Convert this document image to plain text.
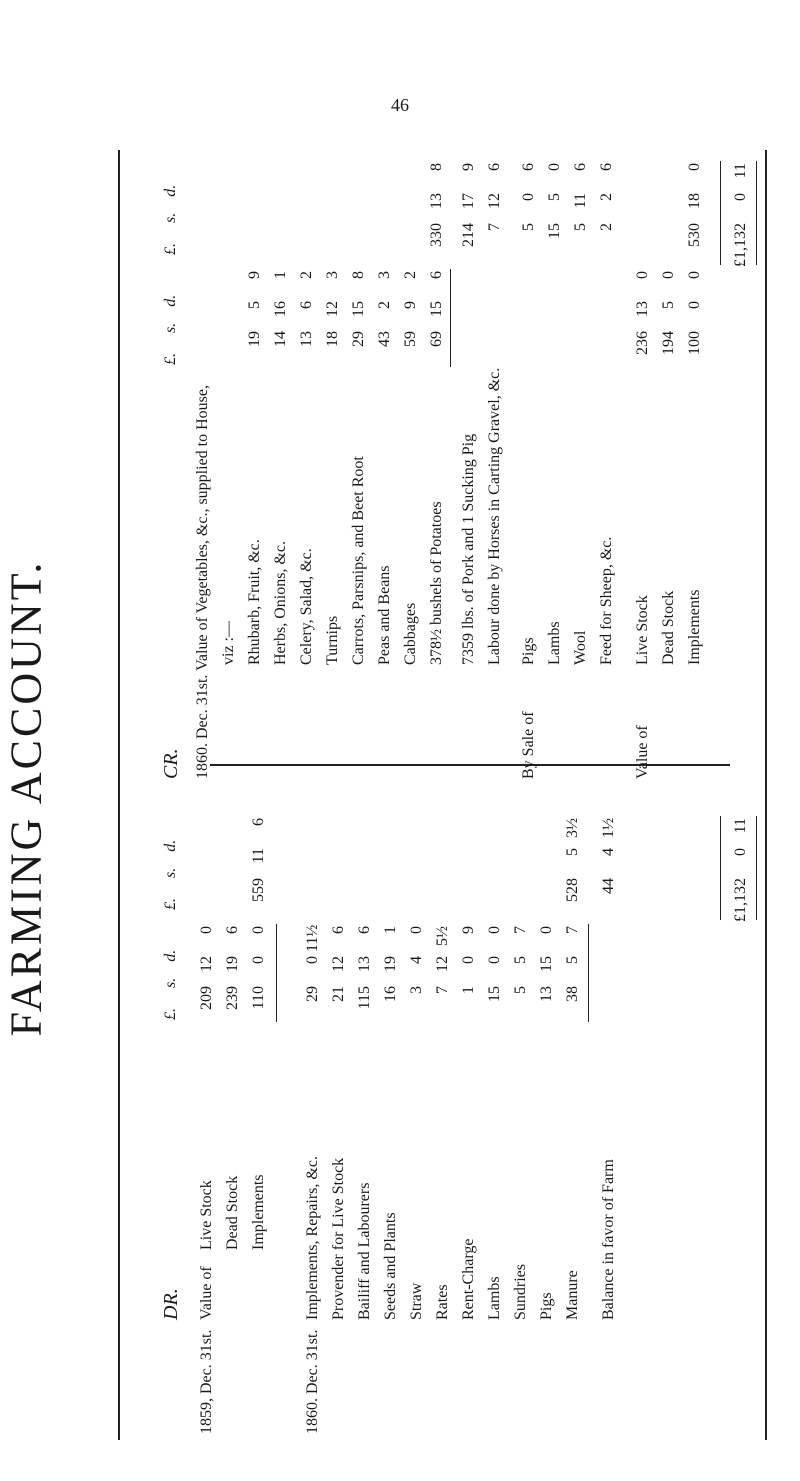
46
FARMING ACCOUNT.	CR.
£.     s.    d.
£.     s.    d.
1860. Dec. 31st. Value of Vegetables, &c., supplied to House, viz :— Rhubarb, Fruit, &c.
19
5
9
Herbs, Onions, &c.
14
16
1
Celery, Salad, &c.
13
6
2
Turnips
18
12
3
Carrots, Parsnips, and Beet Root
29
15
8
Peas and Beans
43
2
3
Cabbages
59
9
2
378½ bushels of Potatoes
69
15
6
330
13
8
7359 lbs. of Pork and 1 Sucking Pig
214
17
9
Labour done by Horses in Carting Gravel, &c.
7
12
6
By Sale of
Pigs
5
0
6
Lambs
15
5
0
Wool
5
11
6
Feed for Sheep, &c.
2
2
6
Value of
Live Stock
236
13
0
Dead Stock
194
5
0
Implements
100
0
0
530
18
0
£1,132
0
11
DR.
£.     s.    d.
£.     s.    d.
1859, Dec. 31st.
Value of
Live Stock
209
12
0
Dead Stock
239
19
6
Implements
110
0
0
559
11
6
1860. Dec. 31st.
Implements, Repairs, &c.
29
0
11½
Provender for Live Stock
21
12
6
Bailiff and Labourers
115
13
6
Seeds and Plants
16
19
1
Straw
3
4
0
Rates
7
12
5½
Rent-Charge
1
0
9
Lambs
15
0
0
Sundries
5
5
7
Pigs
13
15
0
Manure
38
5
7
528
5
3½
Balance in favor of Farm
44
4
1½
£1,132
0
11
